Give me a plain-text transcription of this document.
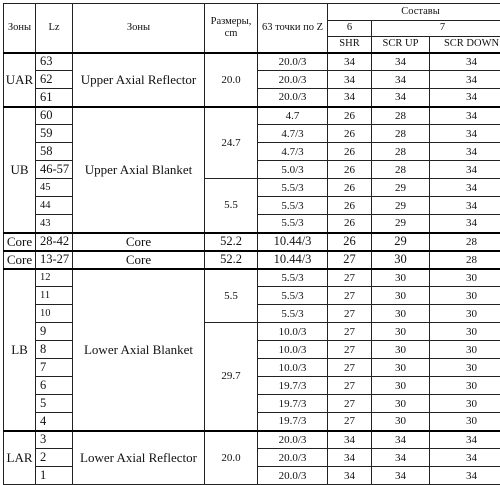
Зоны	Lz	Зоны	Размеры, cm	63 точки по Z	Составы		
					6	7	
					SHR	SCR UP	SCR DOWN
UAR	63	Upper Axial Reflector	20.0	20.0/3	34	34	34
	62			20.0/3	34	34	34
	61			20.0/3	34	34	34
UB	60	Upper Axial Blanket	24.7	4.7	26	28	34
	59			4.7/3	26	28	34
	58			4.7/3	26	28	34
	46-57			5.0/3	26	28	34
	45		5.5	5.5/3	26	29	34
	44			5.5/3	26	29	34
	43			5.5/3	26	29	34
Core	28-42	Core	52.2	10.44/3	26	29	28
Core	13-27	Core	52.2	10.44/3	27	30	28
LB	12	Lower Axial Blanket	5.5	5.5/3	27	30	30
	11			5.5/3	27	30	30
	10			5.5/3	27	30	30
	9		29.7	10.0/3	27	30	30
	8			10.0/3	27	30	30
	7			10.0/3	27	30	30
	6			19.7/3	27	30	30
	5			19.7/3	27	30	30
	4			19.7/3	27	30	30
LAR	3	Lower Axial Reflector	20.0	20.0/3	34	34	34
	2			20.0/3	34	34	34
	1			20.0/3	34	34	34
